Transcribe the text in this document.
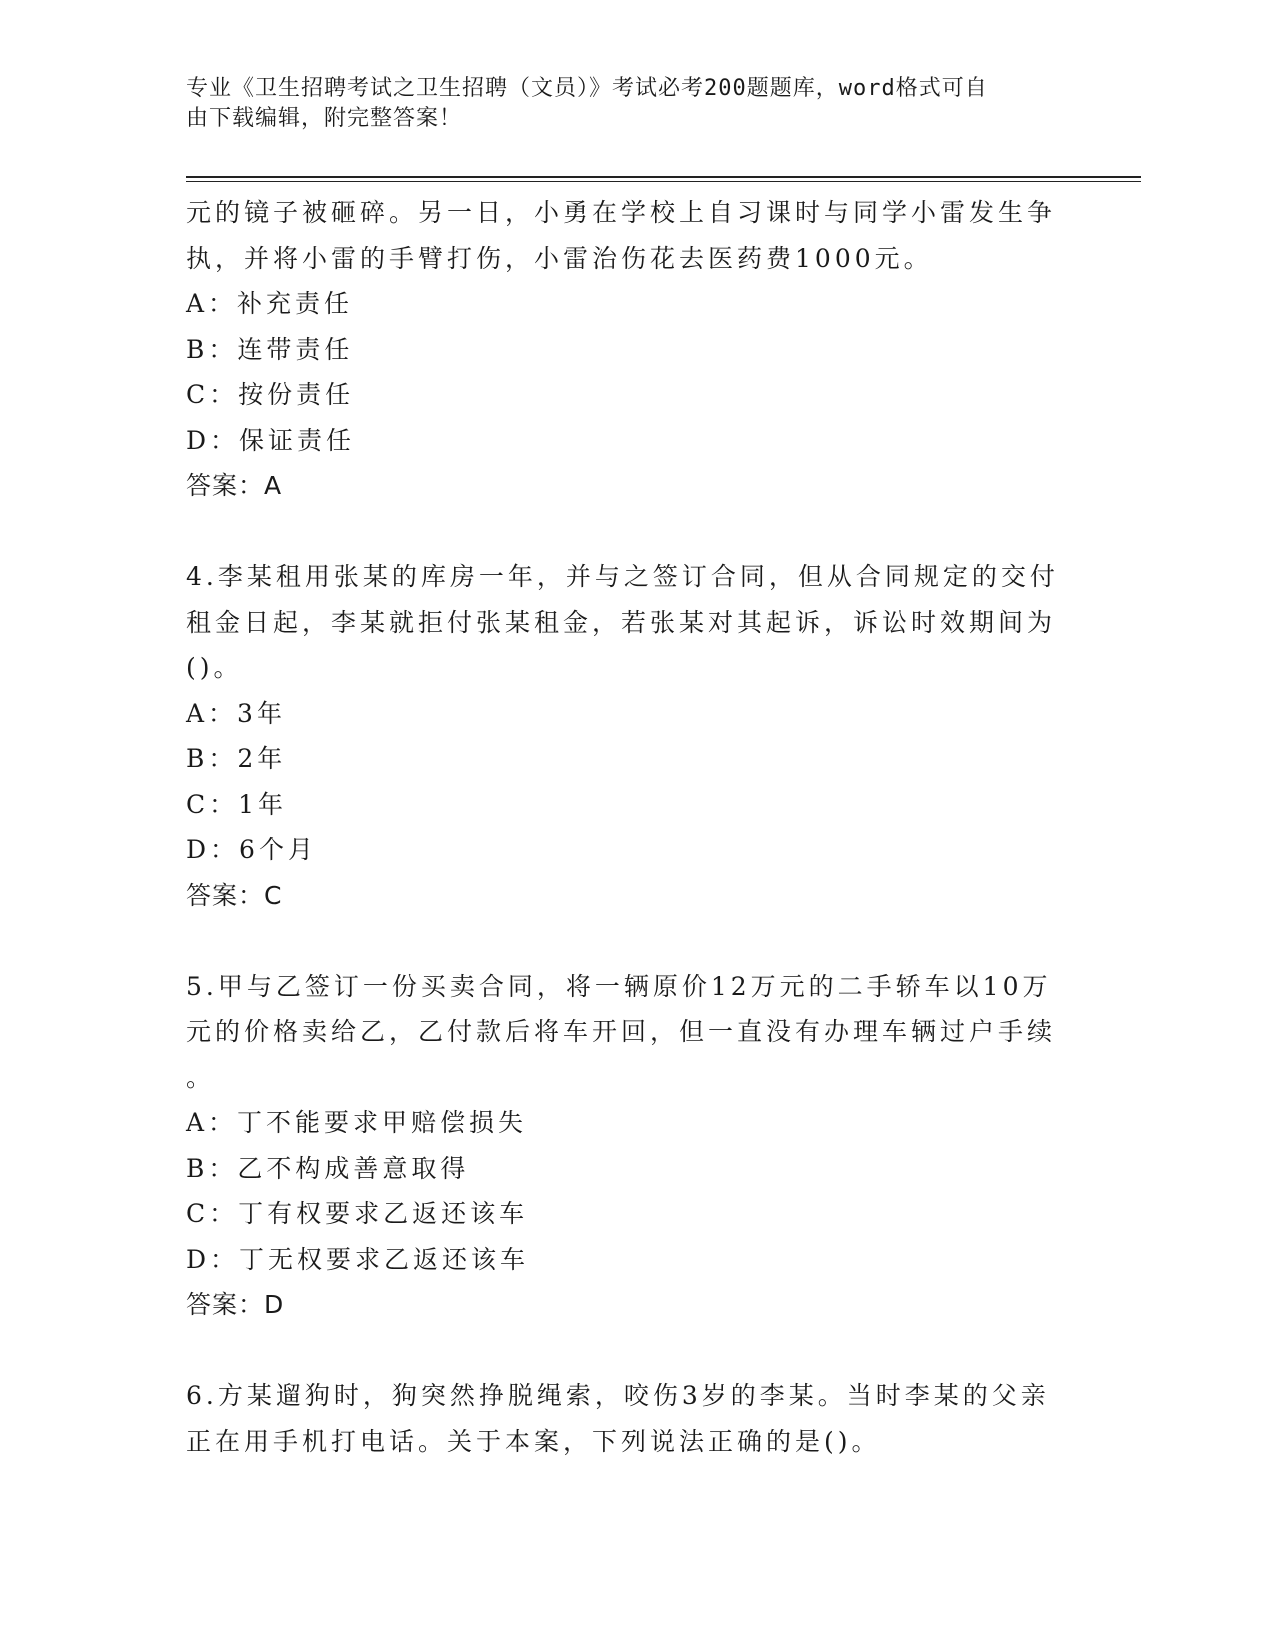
专业《卫生招聘考试之卫生招聘（文员）》考试必考200题题库，word格式可自
由下载编辑，附完整答案！
元的镜子被砸碎。另一日，小勇在学校上自习课时与同学小雷发生争
执，并将小雷的手臂打伤，小雷治伤花去医药费1000元。
A：补充责任
B：连带责任
C：按份责任
D：保证责任
答案：A
4.李某租用张某的库房一年，并与之签订合同，但从合同规定的交付
租金日起，李某就拒付张某租金，若张某对其起诉，诉讼时效期间为
()。
A：3年
B：2年
C：1年
D：6个月
答案：C
5.甲与乙签订一份买卖合同，将一辆原价12万元的二手轿车以10万
元的价格卖给乙，乙付款后将车开回，但一直没有办理车辆过户手续
。
A：丁不能要求甲赔偿损失
B：乙不构成善意取得
C：丁有权要求乙返还该车
D：丁无权要求乙返还该车
答案：D
6.方某遛狗时，狗突然挣脱绳索，咬伤3岁的李某。当时李某的父亲
正在用手机打电话。关于本案，下列说法正确的是()。
